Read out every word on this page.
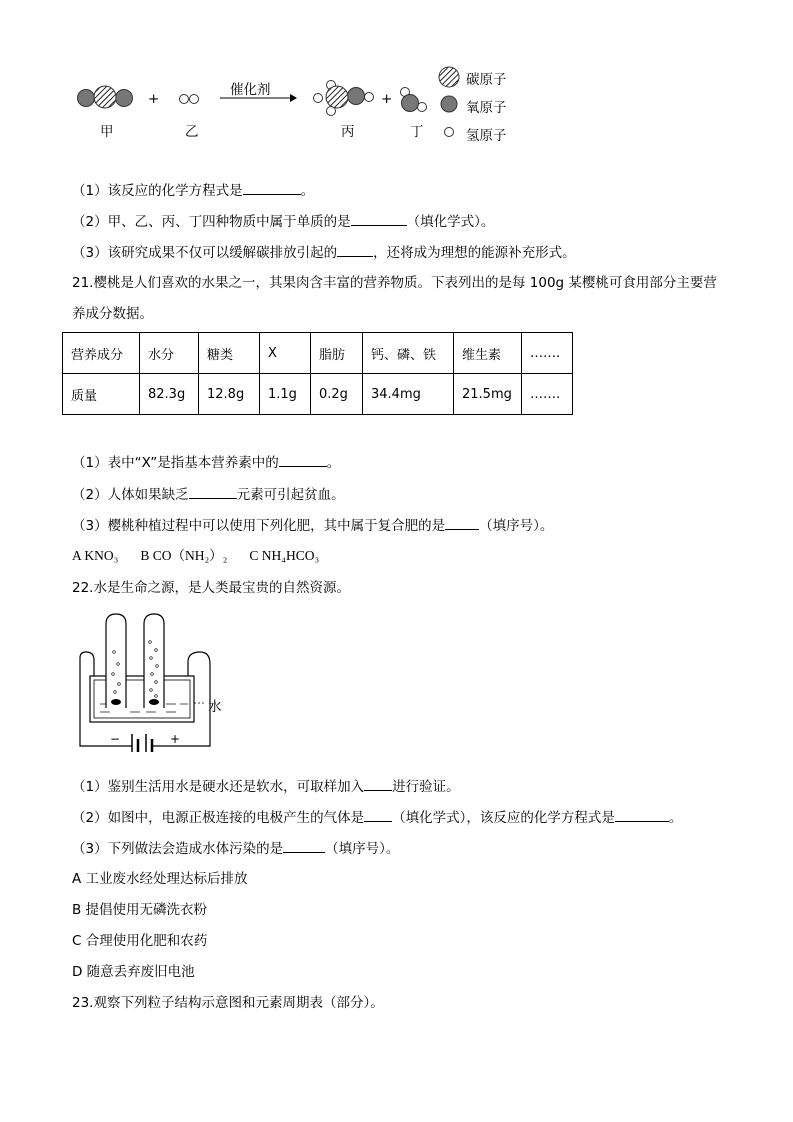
催化剂
+	+
甲	乙	丙	丁
碳原子
氧原子
氢原子
（1）该反应的化学方程式是	。
（2）甲、乙、丙、丁四种物质中属于单质的是	（填化学式）。
（3）该研究成果不仅可以缓解碳排放引起的	，还将成为理想的能源补充形式。
21.樱桃是人们喜欢的水果之一，其果肉含丰富的营养物质。下表列出的是每 100g 某樱桃可食用部分主要营
养成分数据。
营养成分	水分	糖类	X	脂肪	钙、磷、铁	维生素	…….
质量	82.3g	12.8g	1.1g	0.2g	34.4mg	21.5mg	…….
（1）表中“X”是指基本营养素中的	。
（2）人体如果缺乏	元素可引起贫血。
（3）樱桃种植过程中可以使用下列化肥，其中属于复合肥的是	（填序号）。
A KNO₃ B CO（NH₂）₂ C NH₄HCO₃
22.水是生命之源，是人类最宝贵的自然资源。
水
−	+
（1）鉴别生活用水是硬水还是软水，可取样加入 进行验证。
（2）如图中，电源正极连接的电极产生的气体是 （填化学式），该反应的化学方程式是	。
（3）下列做法会造成水体污染的是	（填序号）。
A 工业废水经处理达标后排放
B 提倡使用无磷洗衣粉
C 合理使用化肥和农药
D 随意丢弃废旧电池
23.观察下列粒子结构示意图和元素周期表（部分）。
